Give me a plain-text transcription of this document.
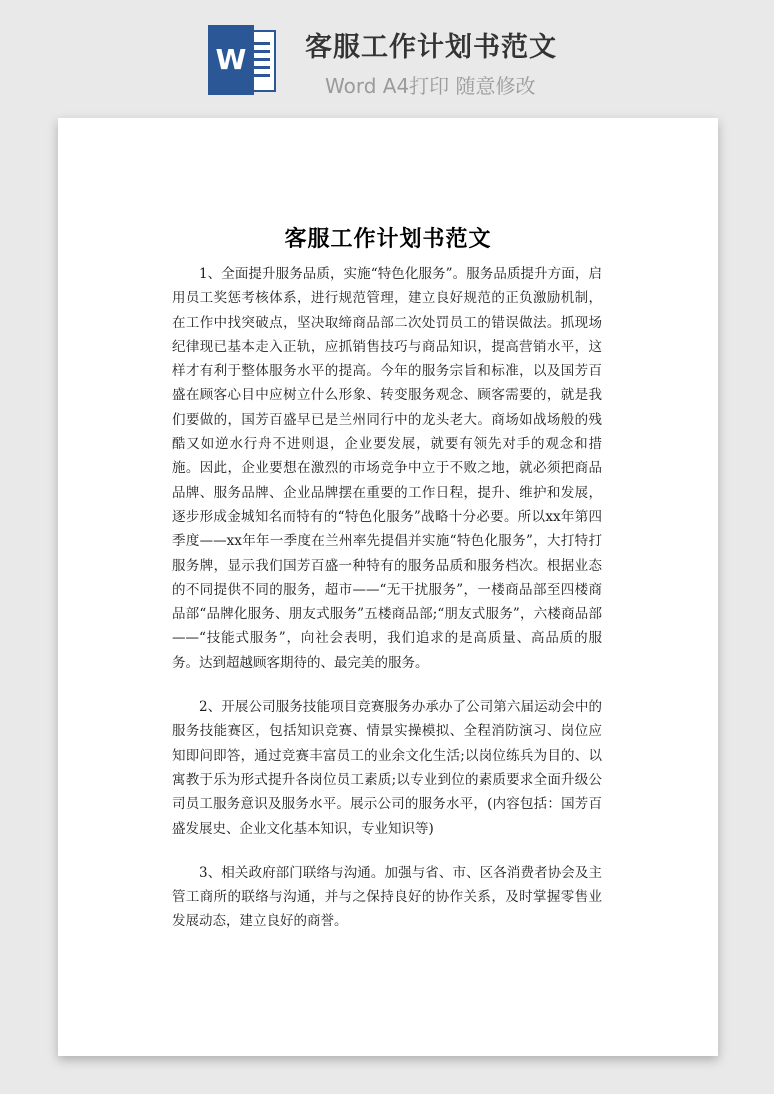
W 客服工作计划书范文
Word A4打印 随意修改
客服工作计划书范文

1、全面提升服务品质，实施“特色化服务”。服务品质提升方面，启用员工奖惩考核体系，进行规范管理，建立良好规范的正负激励机制，在工作中找突破点，坚决取缔商品部二次处罚员工的错误做法。抓现场纪律现已基本走入正轨，应抓销售技巧与商品知识，提高营销水平，这样才有利于整体服务水平的提高。今年的服务宗旨和标准，以及国芳百盛在顾客心目中应树立什么形象、转变服务观念、顾客需要的，就是我们要做的，国芳百盛早已是兰州同行中的龙头老大。商场如战场般的残酷又如逆水行舟不进则退，企业要发展，就要有领先对手的观念和措施。因此，企业要想在激烈的市场竞争中立于不败之地，就必须把商品品牌、服务品牌、企业品牌摆在重要的工作日程，提升、维护和发展，逐步形成金城知名而特有的“特色化服务”战略十分必要。所以xx年第四季度——xx年年一季度在兰州率先提倡并实施“特色化服务”，大打特打服务牌，显示我们国芳百盛一种特有的服务品质和服务档次。根据业态的不同提供不同的服务，超市——“无干扰服务”，一楼商品部至四楼商品部“品牌化服务、朋友式服务”五楼商品部;“朋友式服务”，六楼商品部——“技能式服务”，向社会表明，我们追求的是高质量、高品质的服务。达到超越顾客期待的、最完美的服务。

2、开展公司服务技能项目竞赛服务办承办了公司第六届运动会中的服务技能赛区，包括知识竞赛、情景实操模拟、全程消防演习、岗位应知即问即答，通过竞赛丰富员工的业余文化生活;以岗位练兵为目的、以寓教于乐为形式提升各岗位员工素质;以专业到位的素质要求全面升级公司员工服务意识及服务水平。展示公司的服务水平，(内容包括：国芳百盛发展史、企业文化基本知识，专业知识等)

3、相关政府部门联络与沟通。加强与省、市、区各消费者协会及主管工商所的联络与沟通，并与之保持良好的协作关系，及时掌握零售业发展动态，建立良好的商誉。
